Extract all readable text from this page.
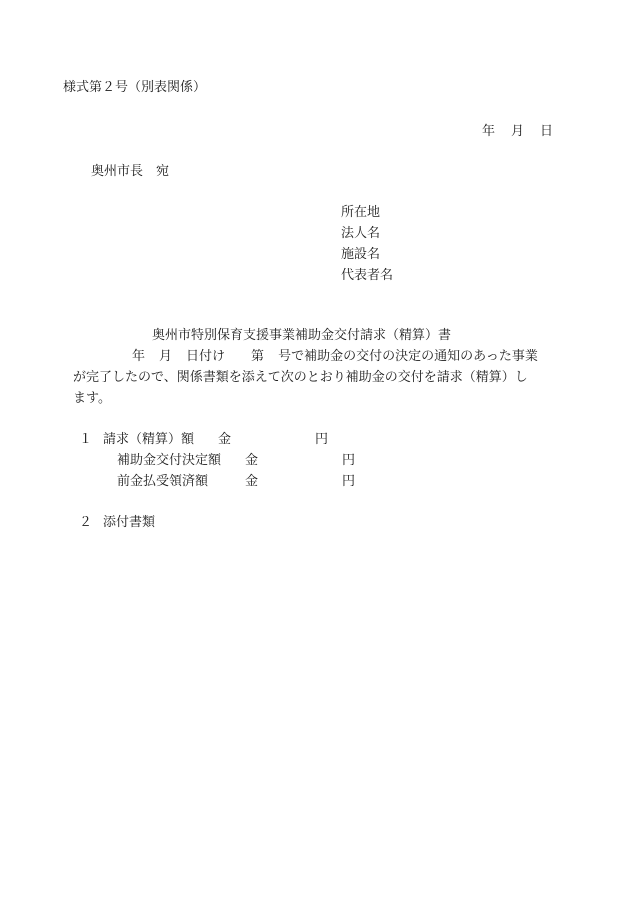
様式第２号（別表関係）
年 月 日
奥州市長　宛
所在地
法人名
施設名
代表者名
奥州市特別保育支援事業補助金交付請求（精算）書
年 月 日付け 第 号で補助金の交付の決定の通知のあった事業
が完了したので、関係書類を添えて次のとおり補助金の交付を請求（精算）し
ます。
１ 請求（精算）額 金	円
補助金交付決定額 金	円
前金払受領済額	金	円
２ 添付書類
